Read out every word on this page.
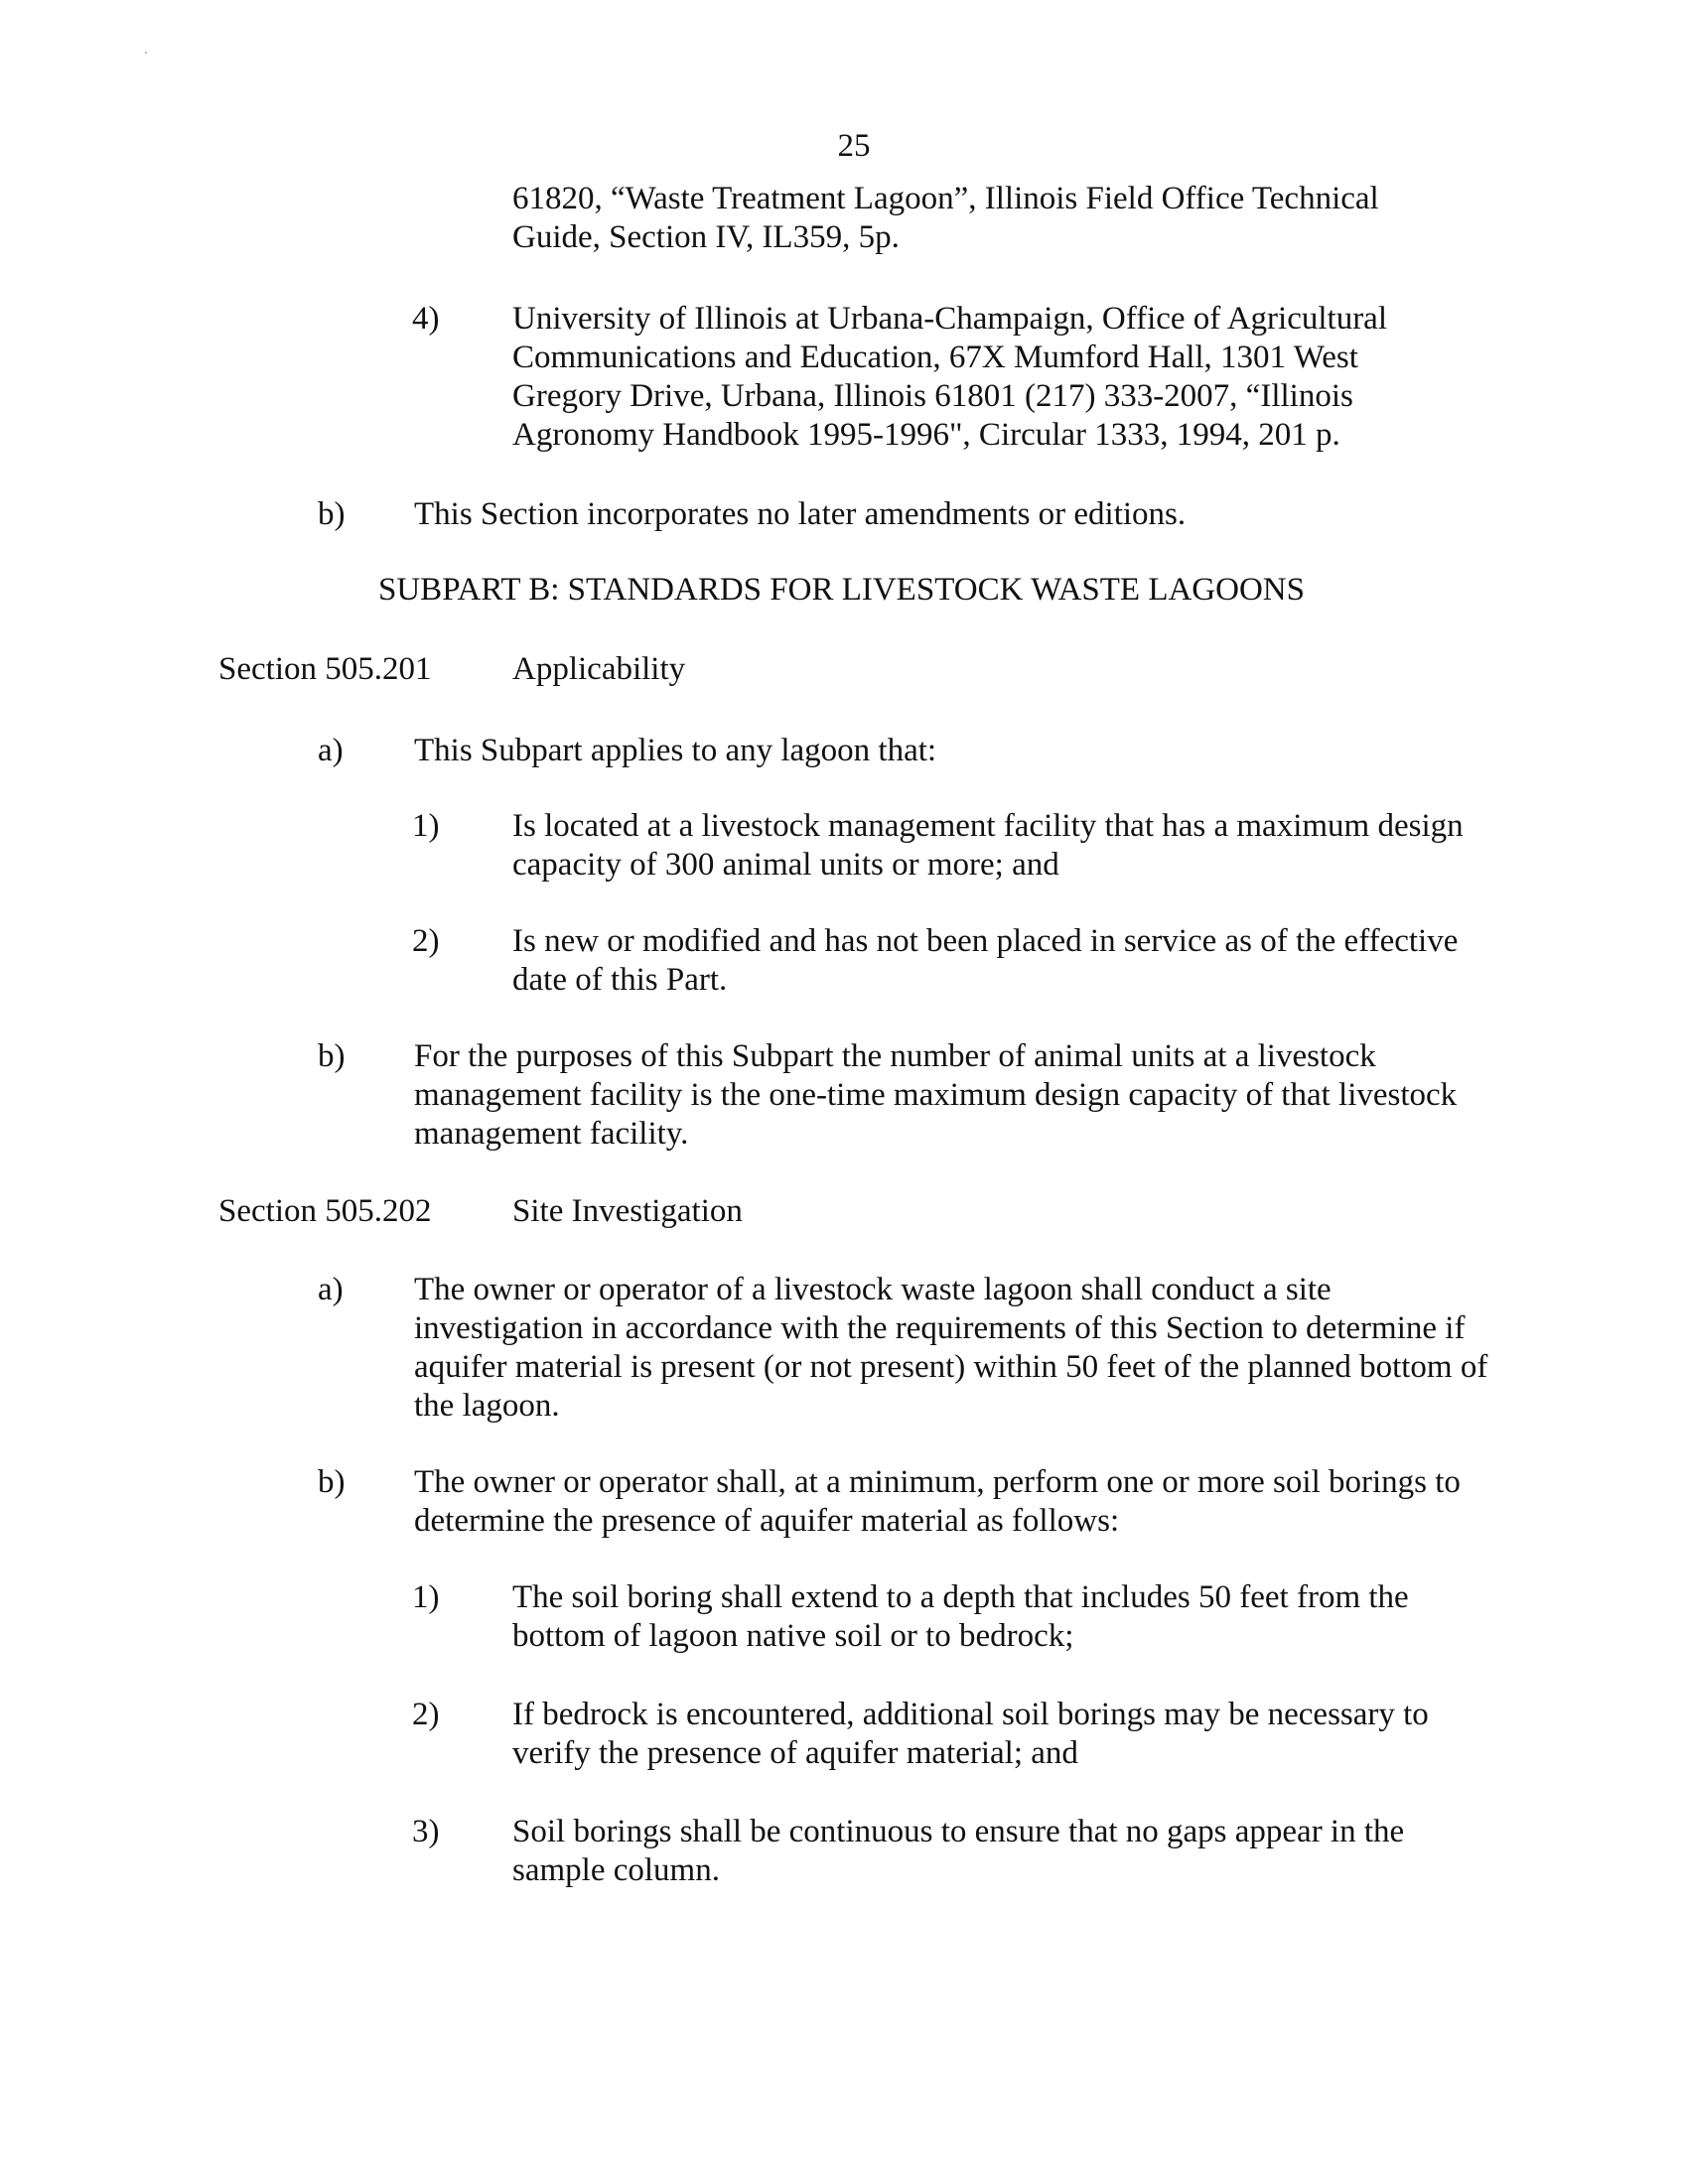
25

61820, “Waste Treatment Lagoon”, Illinois Field Office Technical Guide, Section IV, IL359, 5p.

4) University of Illinois at Urbana-Champaign, Office of Agricultural Communications and Education, 67X Mumford Hall, 1301 West Gregory Drive, Urbana, Illinois 61801 (217) 333-2007, “Illinois Agronomy Handbook 1995-1996", Circular 1333, 1994, 201 p.

b) This Section incorporates no later amendments or editions.

SUBPART B: STANDARDS FOR LIVESTOCK WASTE LAGOONS

Section 505.201 Applicability
a) This Subpart applies to any lagoon that:

1) Is located at a livestock management facility that has a maximum design capacity of 300 animal units or more; and

2) Is new or modified and has not been placed in service as of the effective date of this Part.

b) For the purposes of this Subpart the number of animal units at a livestock management facility is the one-time maximum design capacity of that livestock management facility.

Section 505.202 Site Investigation
a) The owner or operator of a livestock waste lagoon shall conduct a site investigation in accordance with the requirements of this Section to determine if aquifer material is present (or not present) within 50 feet of the planned bottom of the lagoon.

b) The owner or operator shall, at a minimum, perform one or more soil borings to determine the presence of aquifer material as follows:

1) The soil boring shall extend to a depth that includes 50 feet from the bottom of lagoon native soil or to bedrock;

2) If bedrock is encountered, additional soil borings may be necessary to verify the presence of aquifer material; and

3) Soil borings shall be continuous to ensure that no gaps appear in the sample column.
